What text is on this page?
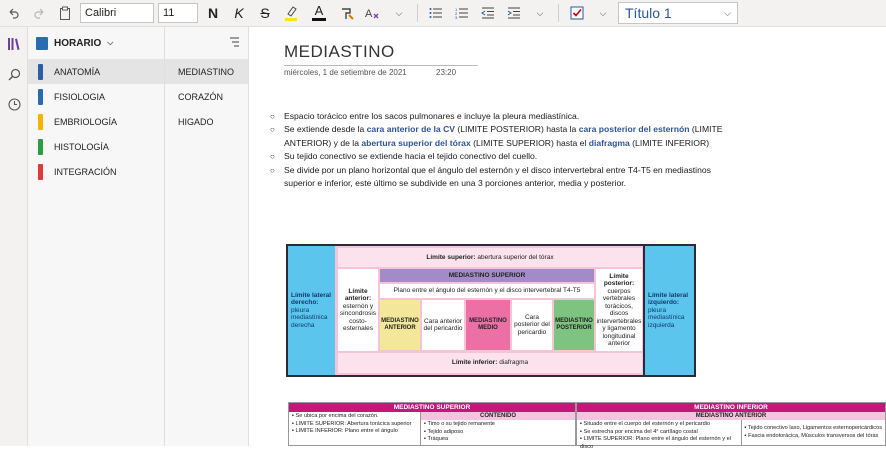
Calibri	11	N	K	S	A	A	⌵	1
2
3	⌵	⌵	Título 1	⌵
HORARIO ⌵
ANATOMÍA
FISIOLOGIA
EMBRIOLOGÍA
HISTOLOGÍA
INTEGRACIÓN
MEDIASTINO
CORAZÓN
HIGADO
MEDIASTINO
miércoles, 1 de setiembre de 2021	23:20
○ Espacio torácico entre los sacos pulmonares e incluye la pleura mediastínica.
○ Se extiende desde la cara anterior de la CV (LIMITE POSTERIOR) hasta la cara posterior del esternón (LIMITE ANTERIOR) y de la abertura superior del tórax (LIMITE SUPERIOR) hasta el diafragma (LIMITE INFERIOR)
○ Su tejido conectivo se extiende hacia el tejido conectivo del cuello.
○ Se divide por un plano horizontal que el ángulo del esternón y el disco intervertebral entre T4-T5 en mediastinos superior e inferior, este último se subdivide en una 3 porciones anterior, media y posterior.
Límite lateral derecho:
pleura mediastínica derecha
Límite lateral izquierdo:
pleura mediastínica izquierda
Límite superior:
abertura superior del tórax
Límite anterior:
esternón y sincondrosis costo-esternales
Límite posterior:
cuerpos vertebrales torácicos, discos intervertebrales y ligamento longitudinal anterior
MEDIASTINO SUPERIOR
Plano entre el ángulo del esternón y el disco intervertebral T4-T5
MEDIASTINO ANTERIOR
Cara anterior del pericardio
MEDIASTINO MEDIO
Cara posterior del pericardio
MEDIASTINO POSTERIOR
Límite inferior:
diafragma
MEDIASTINO SUPERIOR
▪ Se ubica por encima del corazón.
▪ LIMITE SUPERIOR: Abertura torácica superior
▪ LIMITE INFERIOR: Plano entre el ángulo
CONTENIDO
▪ Timo o su tejido remanente
▪ Tejido adiposo
▪ Tráquea
MEDIASTINO INFERIOR
MEDIASTINO ANTERIOR
▪ Situado entre el cuerpo del esternón y el pericardio
▪ Se estrecha por encima del 4° cartílago costal
▪ LIMITE SUPERIOR: Plano entre el ángulo del esternón y el disco
▪ Tejido conectivo laxo, Ligamentos esternopericárdicos
▪ Fascia endotorácica, Músculos transversos del tórax
